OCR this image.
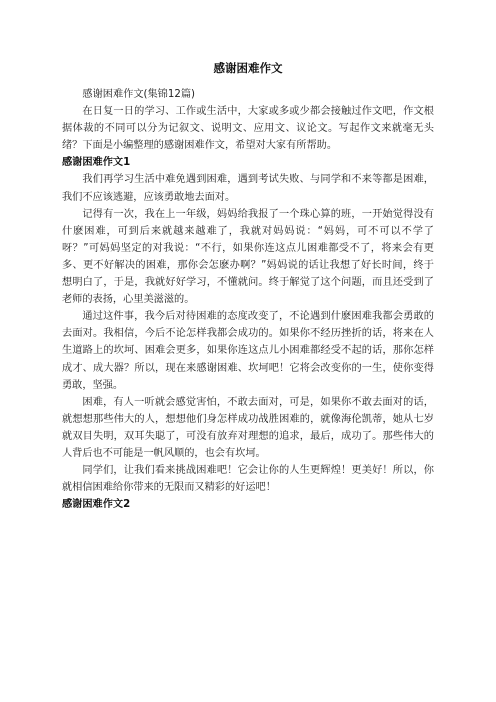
感谢困难作文

感谢困难作文(集锦12篇)

在日复一日的学习、工作或生活中，大家或多或少都会接触过作文吧，作文根据体裁的不同可以分为记叙文、说明文、应用文、议论文。写起作文来就毫无头绪？下面是小编整理的感谢困难作文，希望对大家有所帮助。

感谢困难作文1

我们再学习生活中难免遇到困难，遇到考试失败、与同学和不来等都是困难，我们不应该逃避，应该勇敢地去面对。

记得有一次，我在上一年级，妈妈给我报了一个珠心算的班，一开始觉得没有什麽困难，可到后来就越来越难了，我就对妈妈说：“妈妈，可不可以不学了呀？”可妈妈坚定的对我说：“不行，如果你连这点儿困难都受不了，将来会有更多、更不好解决的困难，那你会怎麽办啊？”妈妈说的话让我想了好长时间，终于想明白了，于是，我就好好学习，不懂就问。终于解觉了这个问题，而且还受到了老师的表扬，心里美滋滋的。

通过这件事，我今后对待困难的态度改变了，不论遇到什麽困难我都会勇敢的去面对。我相信，今后不论怎样我都会成功的。如果你不经历挫折的话，将来在人生道路上的坎坷、困难会更多，如果你连这点儿小困难都经受不起的话，那你怎样成才、成大器？所以，现在来感谢困难、坎坷吧！它将会改变你的一生，使你变得勇敢，坚强。

困难，有人一听就会感觉害怕，不敢去面对，可是，如果你不敢去面对的话，就想想那些伟大的人，想想他们身怎样成功战胜困难的，就像海伦凯蒂，她从七岁就双目失明，双耳失聪了，可没有放弃对理想的追求，最后，成功了。那些伟大的人背后也不可能是一帆风顺的，也会有坎坷。

同学们，让我们看来挑战困难吧！它会让你的人生更辉煌！更美好！所以，你就相信困难给你带来的无限而又精彩的好运吧！

感谢困难作文2
